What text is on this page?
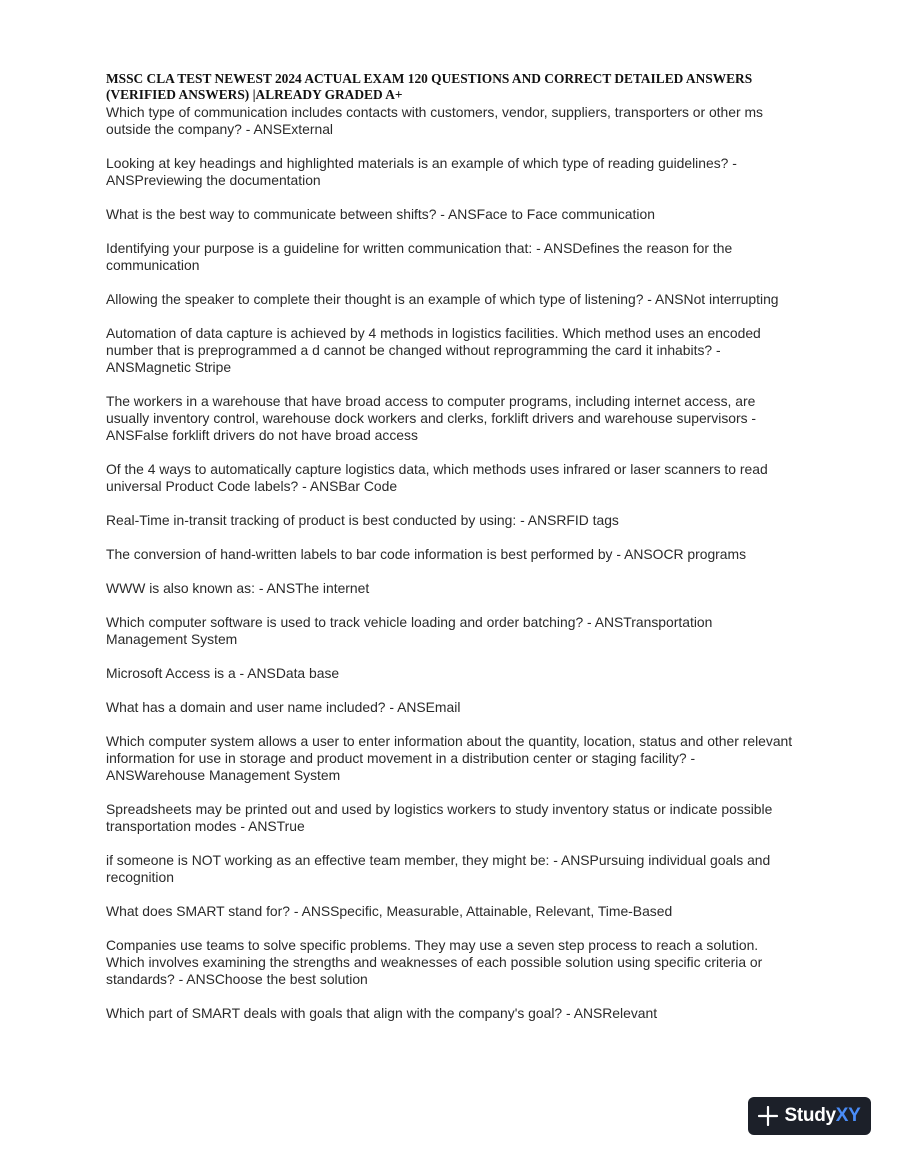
MSSC CLA TEST NEWEST 2024 ACTUAL EXAM 120 QUESTIONS AND CORRECT DETAILED ANSWERS (VERIFIED ANSWERS) |ALREADY GRADED A+
Which type of communication includes contacts with customers, vendor, suppliers, transporters or other ms outside the company? - ANSExternal
Looking at key headings and highlighted materials is an example of which type of reading guidelines? - ANSPreviewing the documentation
What is the best way to communicate between shifts? - ANSFace to Face communication
Identifying your purpose is a guideline for written communication that: - ANSDefines the reason for the communication
Allowing the speaker to complete their thought is an example of which type of listening? - ANSNot interrupting
Automation of data capture is achieved by 4 methods in logistics facilities. Which method uses an encoded number that is preprogrammed a d cannot be changed without reprogramming the card it inhabits? - ANSMagnetic Stripe
The workers in a warehouse that have broad access to computer programs, including internet access, are usually inventory control, warehouse dock workers and clerks, forklift drivers and warehouse supervisors - ANSFalse forklift drivers do not have broad access
Of the 4 ways to automatically capture logistics data, which methods uses infrared or laser scanners to read universal Product Code labels? - ANSBar Code
Real-Time in-transit tracking of product is best conducted by using: - ANSRFID tags
The conversion of hand-written labels to bar code information is best performed by - ANSOCR programs
WWW is also known as: - ANSThe internet
Which computer software is used to track vehicle loading and order batching? - ANSTransportation Management System
Microsoft Access is a - ANSData base
What has a domain and user name included? - ANSEmail
Which computer system allows a user to enter information about the quantity, location, status and other relevant information for use in storage and product movement in a distribution center or staging facility? - ANSWarehouse Management System
Spreadsheets may be printed out and used by logistics workers to study inventory status or indicate possible transportation modes - ANSTrue
if someone is NOT working as an effective team member, they might be: - ANSPursuing individual goals and recognition
What does SMART stand for? - ANSSpecific, Measurable, Attainable, Relevant, Time-Based
Companies use teams to solve specific problems. They may use a seven step process to reach a solution. Which involves examining the strengths and weaknesses of each possible solution using specific criteria or standards? - ANSChoose the best solution
Which part of SMART deals with goals that align with the company's goal? - ANSRelevant
StudyXY
